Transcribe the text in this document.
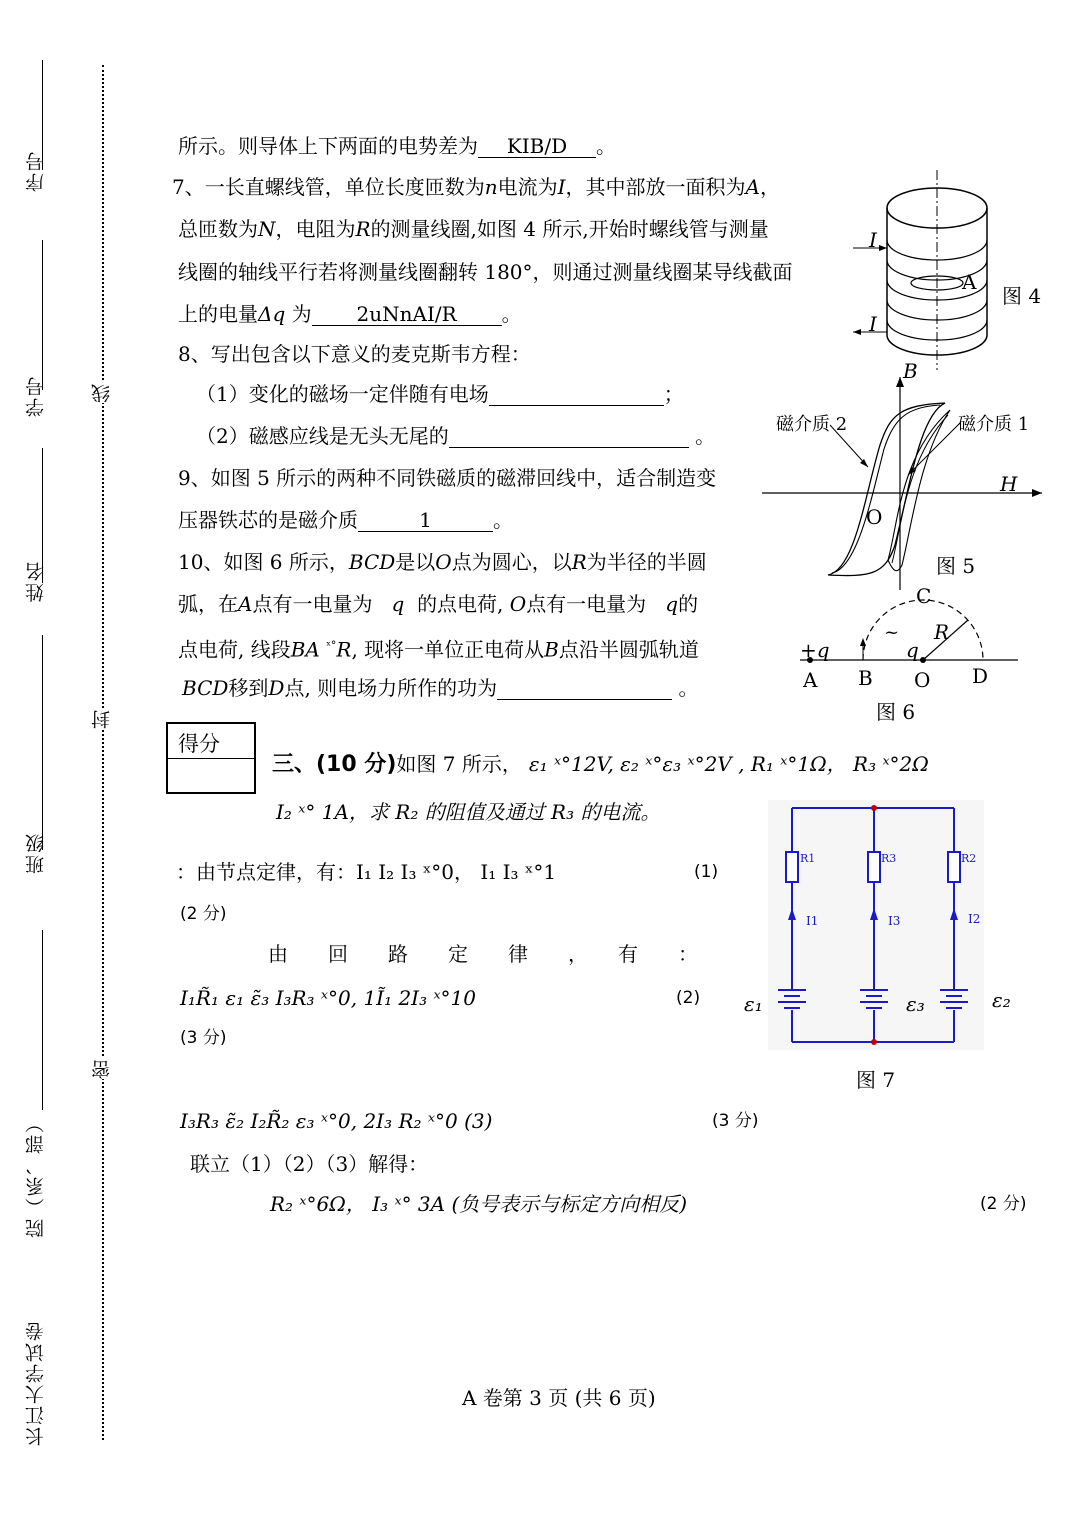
序号
学号
姓名
班级
院（系、部）
长江大学试卷
线
封
密
所示。则导体上下两面的电势差为 KIB/D 。
7、一长直螺线管，单位长度匝数为n电流为I，其中部放一面积为A，
总匝数为N，电阻为R的测量线圈,如图 4 所示,开始时螺线管与测量
线圈的轴线平行若将测量线圈翻转 180°，则通过测量线圈某导线截面
上的电量Δq 为 2uNnAI/R 。
I
I
A
图 4
8、写出包含以下意义的麦克斯韦方程：
（1）变化的磁场一定伴随有电场	；
（2）磁感应线是无头无尾的	。
9、如图 5 所示的两种不同铁磁质的磁滞回线中，适合制造变
压器铁芯的是磁介质	1	。
B
H
O
磁介质 2	磁介质 1
图 5
10、如图 6 所示，BCD是以O点为圆心，以R为半径的半圆
弧，在A点有一电量为 q 的点电荷, O点有一电量为 q的
点电荷, 线段BA $^{ˣ^\circ}$R, 现将一单位正电荷从B点沿半圆弧轨道
BCD移到D点, 则电场力所作的功为	。
C
R
~
+q	q
A B O D
图 6
得分
三、(10 分)如图 7 所示， ε₁ ˣ°12V, ε₂ ˣ°ε₃ ˣ°2V , R₁ ˣ°1Ω， R₃ ˣ°2Ω
I₂ ˣ° 1A，求 R₂ 的阻值及通过 R₃ 的电流。
R1	R3	R2
I1	I3	I2
ε₁	ε₃	ε₂
图 7
：由节点定律，有：I₁ I₂ I₃ ˣ°0， I₁ I₃ ˣ°1	(1)
(2 分)
由　　回　　路　　定　　律　　，　　有　　：
I₁R̃₁ ε₁ ε̃₃ I₃R₃ ˣ°0, 1Ĩ₁ 2I₃ ˣ°10	(2)
(3 分)
I₃R₃ ε̃₂ I₂R̃₂ ε₃ ˣ°0, 2I₃ R₂ ˣ°0 (3)	(3 分)
联立（1）（2）（3）解得：
R₂ ˣ°6Ω， I₃ ˣ° 3A (负号表示与标定方向相反)	(2 分)
A 卷第 3 页 (共 6 页)
